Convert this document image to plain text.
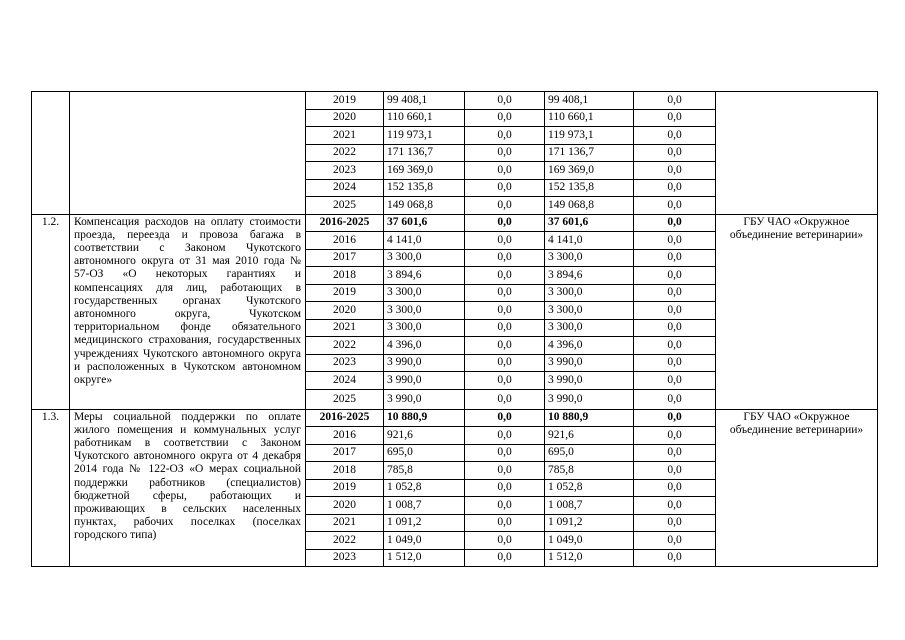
		2019	99 408,1	0,0	99 408,1	0,0	
		2020	110 660,1	0,0	110 660,1	0,0	
		2021	119 973,1	0,0	119 973,1	0,0	
		2022	171 136,7	0,0	171 136,7	0,0	
		2023	169 369,0	0,0	169 369,0	0,0	
		2024	152 135,8	0,0	152 135,8	0,0	
		2025	149 068,8	0,0	149 068,8	0,0	
1.2.	Компенсация расходов на оплату стоимости проезда, переезда и провоза багажа в соответствии с Законом Чукотского автономного округа от 31 мая 2010 года № 57-ОЗ «О некоторых гарантиях и компенсациях для лиц, работающих в государственных органах Чукотского автономного округа, Чукотском территориальном фонде обязательного медицинского страхования, государственных учреждениях Чукотского автономного округа и расположенных в Чукотском автономном округе»	2016-2025	37 601,6	0,0	37 601,6	0,0	ГБУ ЧАО «Окружное объединение ветеринарии»
		2016	4 141,0	0,0	4 141,0	0,0	
		2017	3 300,0	0,0	3 300,0	0,0	
		2018	3 894,6	0,0	3 894,6	0,0	
		2019	3 300,0	0,0	3 300,0	0,0	
		2020	3 300,0	0,0	3 300,0	0,0	
		2021	3 300,0	0,0	3 300,0	0,0	
		2022	4 396,0	0,0	4 396,0	0,0	
		2023	3 990,0	0,0	3 990,0	0,0	
		2024	3 990,0	0,0	3 990,0	0,0	
		2025	3 990,0	0,0	3 990,0	0,0	
1.3.	Меры социальной поддержки по оплате жилого помещения и коммунальных услуг работникам в соответствии с Законом Чукотского автономного округа от 4 декабря 2014 года № 122-ОЗ «О мерах социальной поддержки работников (специалистов) бюджетной сферы, работающих и проживающих в сельских населенных пунктах, рабочих поселках (поселках городского типа)	2016-2025	10 880,9	0,0	10 880,9	0,0	ГБУ ЧАО «Окружное объединение ветеринарии»
		2016	921,6	0,0	921,6	0,0	
		2017	695,0	0,0	695,0	0,0	
		2018	785,8	0,0	785,8	0,0	
		2019	1 052,8	0,0	1 052,8	0,0	
		2020	1 008,7	0,0	1 008,7	0,0	
		2021	1 091,2	0,0	1 091,2	0,0	
		2022	1 049,0	0,0	1 049,0	0,0	
		2023	1 512,0	0,0	1 512,0	0,0	
